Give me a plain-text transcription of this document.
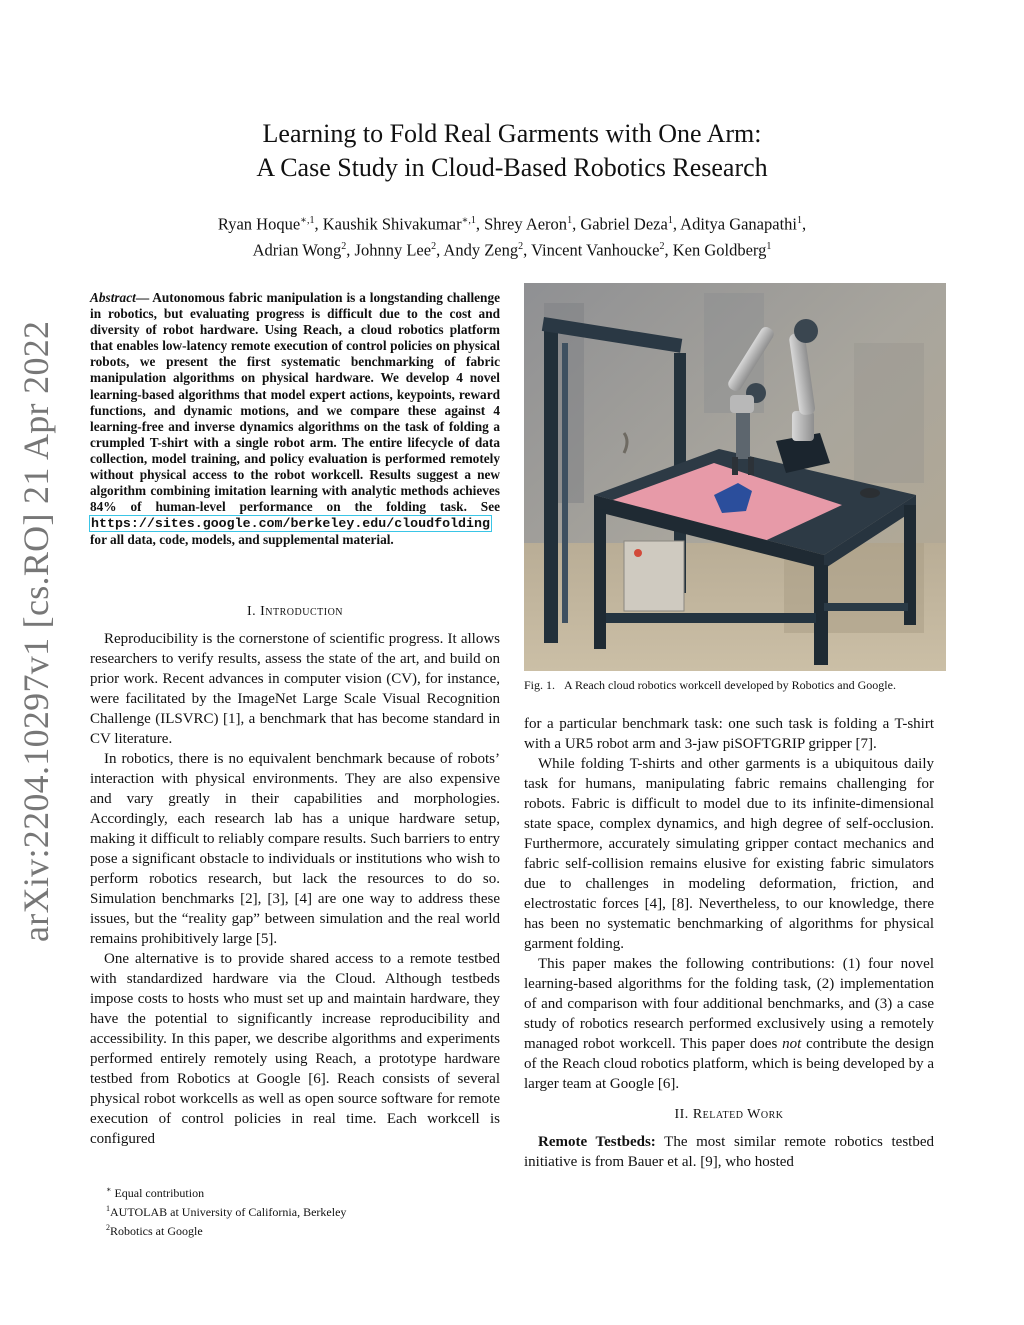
Learning to Fold Real Garments with One Arm:
A Case Study in Cloud-Based Robotics Research
Ryan Hoque$^{∗,1}$, Kaushik Shivakumar$^{∗,1}$, Shrey Aeron$^1$, Gabriel Deza$^1$, Aditya Ganapathi$^1$,
Adrian Wong$^2$, Johnny Lee$^2$, Andy Zeng$^2$, Vincent Vanhoucke$^2$, Ken Goldberg$^1$
arXiv:2204.10297v1 [cs.RO] 21 Apr 2022
Abstract— Autonomous fabric manipulation is a longstanding challenge in robotics, but evaluating progress is difficult due to the cost and diversity of robot hardware. Using Reach, a cloud robotics platform that enables low-latency remote execution of control policies on physical robots, we present the first systematic benchmarking of fabric manipulation algorithms on physical hardware. We develop 4 novel learning-based algorithms that model expert actions, keypoints, reward functions, and dynamic motions, and we compare these against 4 learning-free and inverse dynamics algorithms on the task of folding a crumpled T-shirt with a single robot arm. The entire lifecycle of data collection, model training, and policy evaluation is performed remotely without physical access to the robot workcell. Results suggest a new algorithm combining imitation learning with analytic methods achieves 84% of human-level performance on the folding task. See https://sites.google.com/berkeley.edu/cloudfolding for all data, code, models, and supplemental material.
I. Introduction

Reproducibility is the cornerstone of scientific progress. It allows researchers to verify results, assess the state of the art, and build on prior work. Recent advances in computer vision (CV), for instance, were facilitated by the ImageNet Large Scale Visual Recognition Challenge (ILSVRC) [1], a benchmark that has become standard in CV literature.

In robotics, there is no equivalent benchmark because of robots’ interaction with physical environments. They are also expensive and vary greatly in their capabilities and morphologies. Accordingly, each research lab has a unique hardware setup, making it difficult to reliably compare results. Such barriers to entry pose a significant obstacle to individuals or institutions who wish to perform robotics research, but lack the resources to do so. Simulation benchmarks [2], [3], [4] are one way to address these issues, but the “reality gap” between simulation and the real world remains prohibitively large [5].

One alternative is to provide shared access to a remote testbed with standardized hardware via the Cloud. Although testbeds impose costs to hosts who must set up and maintain hardware, they have the potential to significantly increase reproducibility and accessibility. In this paper, we describe algorithms and experiments performed entirely remotely using Reach, a prototype hardware testbed from Robotics at Google [6]. Reach consists of several physical robot workcells as well as open source software for remote execution of control policies in real time. Each workcell is configured

∗ Equal contribution
$^1$AUTOLAB at University of California, Berkeley
$^2$Robotics at Google
Fig. 1. A Reach cloud robotics workcell developed by Robotics and Google.

for a particular benchmark task: one such task is folding a T-shirt with a UR5 robot arm and 3-jaw piSOFTGRIP gripper [7].

While folding T-shirts and other garments is a ubiquitous daily task for humans, manipulating fabric remains challenging for robots. Fabric is difficult to model due to its infinite-dimensional state space, complex dynamics, and high degree of self-occlusion. Furthermore, accurately simulating gripper contact mechanics and fabric self-collision remains elusive for existing fabric simulators due to challenges in modeling deformation, friction, and electrostatic forces [4], [8]. Nevertheless, to our knowledge, there has been no systematic benchmarking of algorithms for physical garment folding.

This paper makes the following contributions: (1) four novel learning-based algorithms for the folding task, (2) implementation of and comparison with four additional benchmarks, and (3) a case study of robotics research performed exclusively using a remotely managed robot workcell. This paper does not contribute the design of the Reach cloud robotics platform, which is being developed by a larger team at Google [6].

II. Related Work

Remote Testbeds: The most similar remote robotics testbed initiative is from Bauer et al. [9], who hosted
